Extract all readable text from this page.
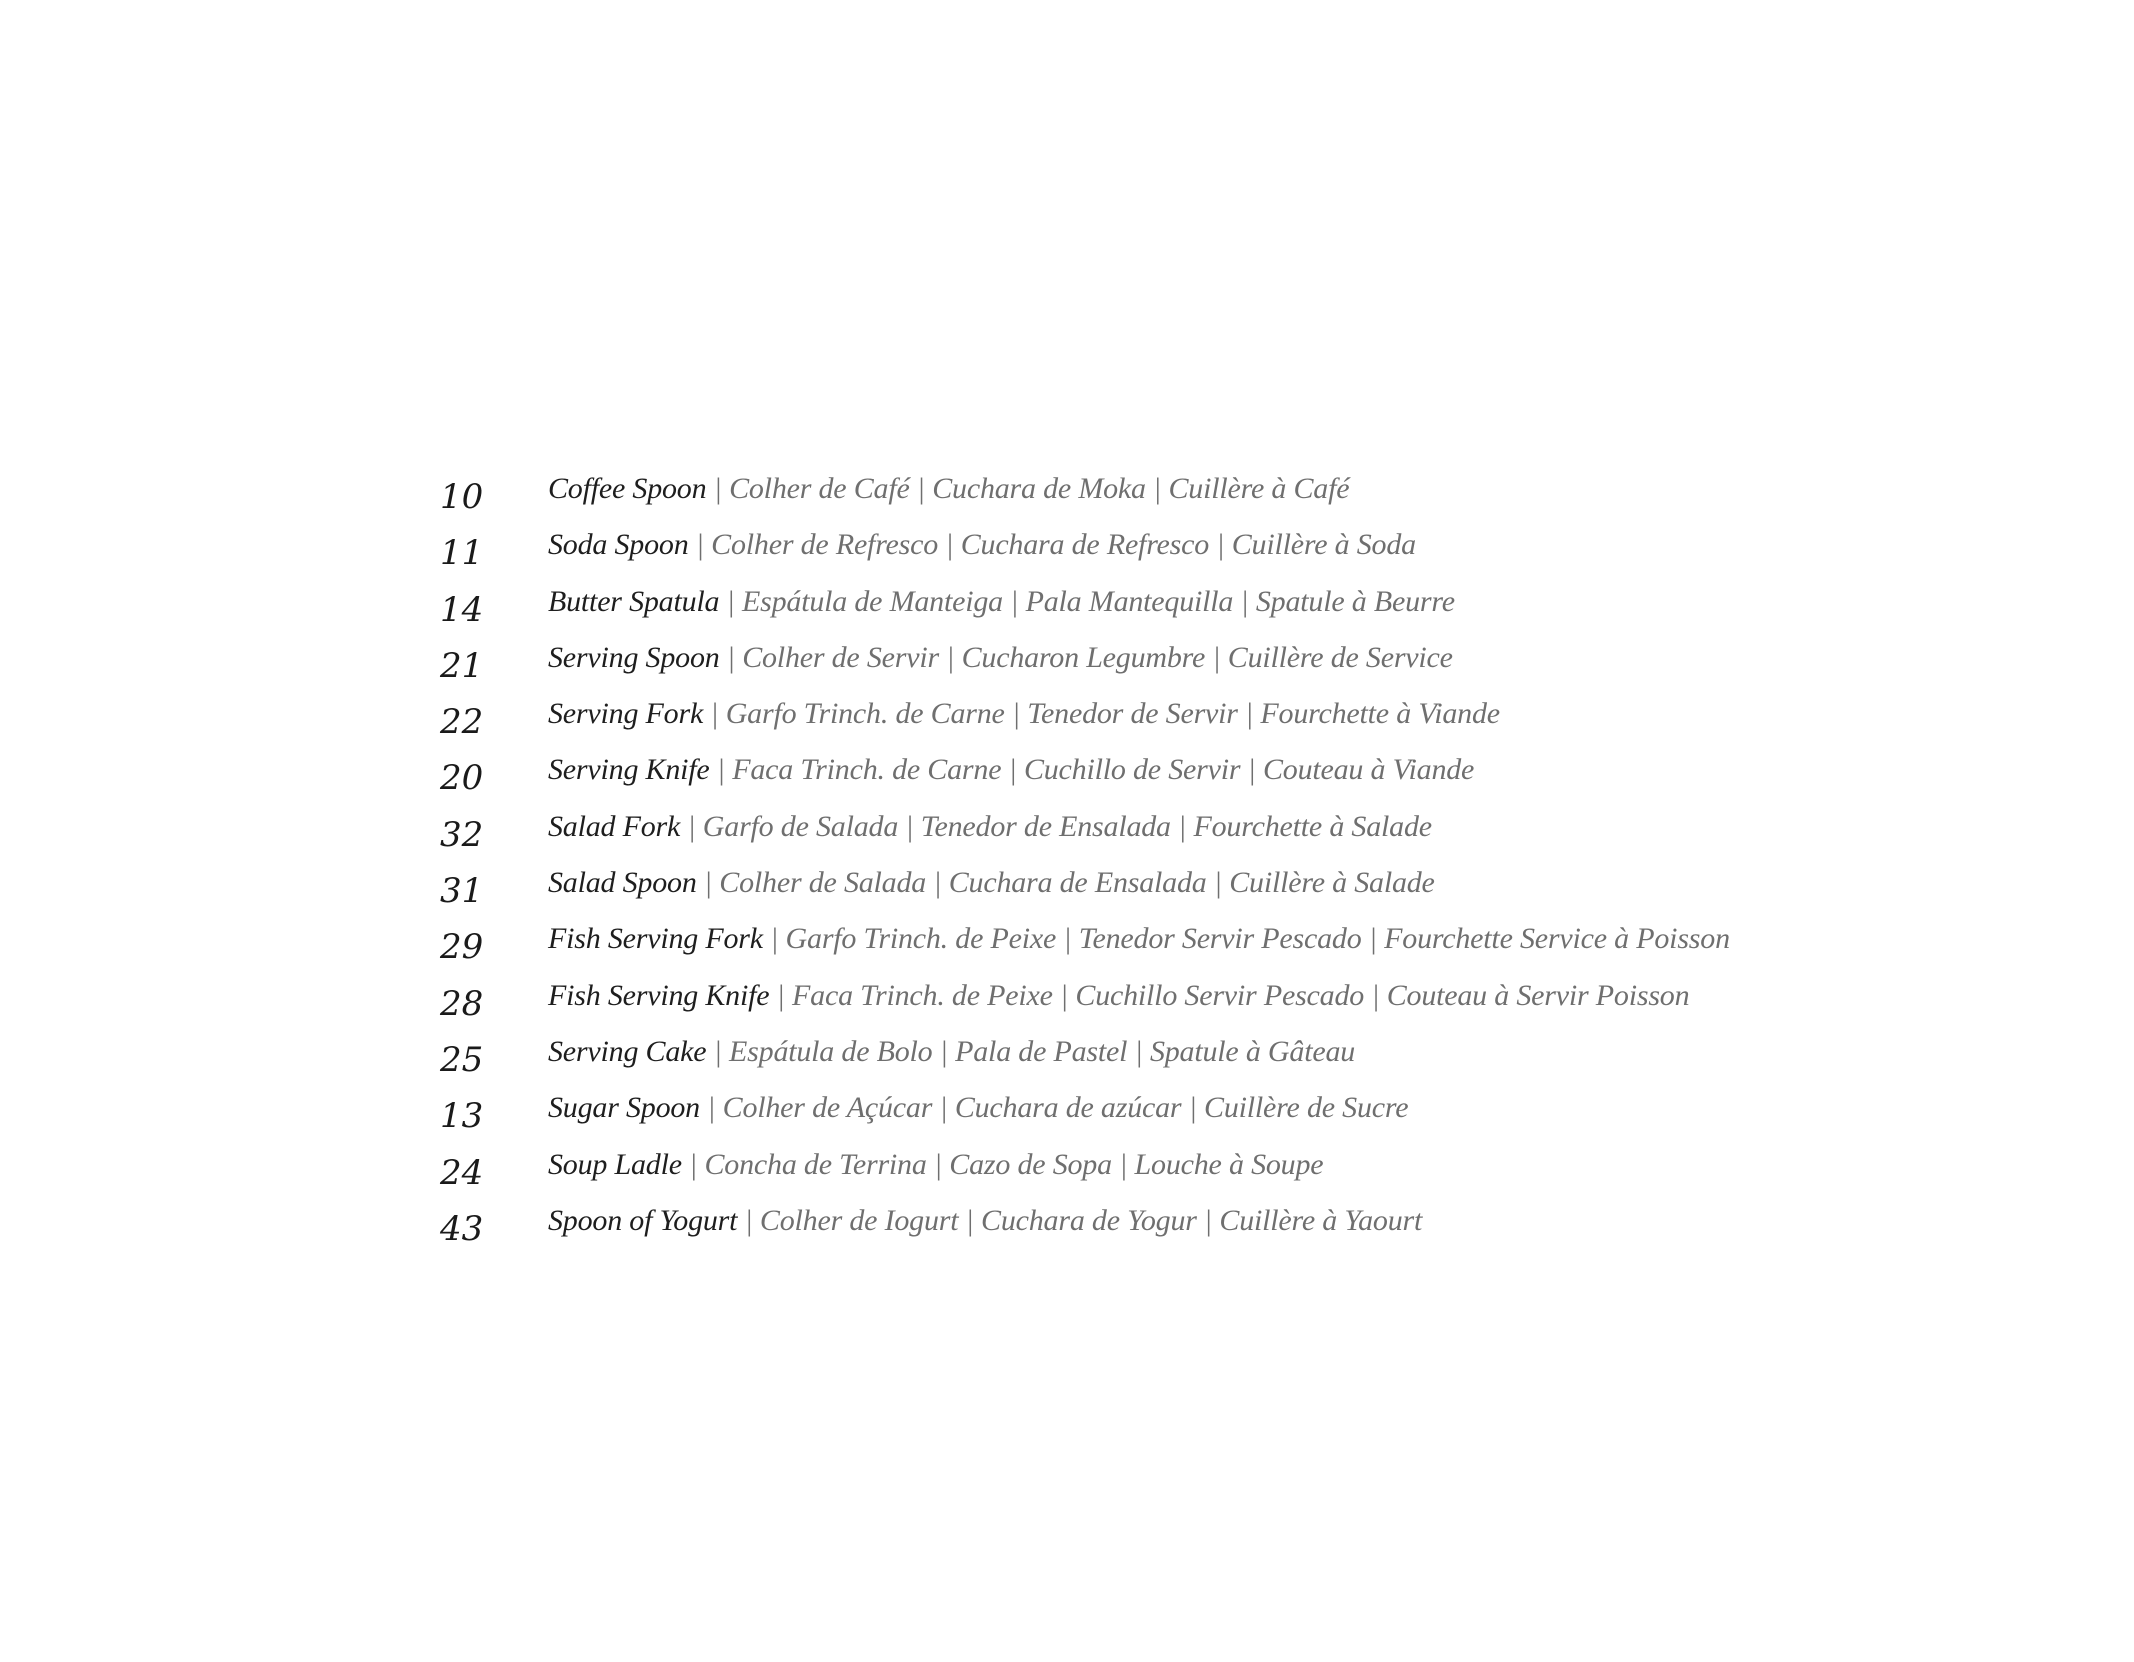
10	Coffee Spoon | Colher de Café | Cuchara de Moka | Cuillère à Café
11	Soda Spoon | Colher de Refresco | Cuchara de Refresco | Cuillère à Soda
14	Butter Spatula | Espátula de Manteiga | Pala Mantequilla | Spatule à Beurre
21	Serving Spoon | Colher de Servir | Cucharon Legumbre | Cuillère de Service
22	Serving Fork | Garfo Trinch. de Carne | Tenedor de Servir | Fourchette à Viande
20	Serving Knife | Faca Trinch. de Carne | Cuchillo de Servir | Couteau à Viande
32	Salad Fork | Garfo de Salada | Tenedor de Ensalada | Fourchette à Salade
31	Salad Spoon | Colher de Salada | Cuchara de Ensalada | Cuillère à Salade
29	Fish Serving Fork | Garfo Trinch. de Peixe | Tenedor Servir Pescado | Fourchette Service à Poisson
28	Fish Serving Knife | Faca Trinch. de Peixe | Cuchillo Servir Pescado | Couteau à Servir Poisson
25	Serving Cake | Espátula de Bolo | Pala de Pastel | Spatule à Gâteau
13	Sugar Spoon | Colher de Açúcar | Cuchara de azúcar | Cuillère de Sucre
24	Soup Ladle | Concha de Terrina | Cazo de Sopa | Louche à Soupe
43	Spoon of Yogurt | Colher de Iogurt | Cuchara de Yogur | Cuillère à Yaourt
